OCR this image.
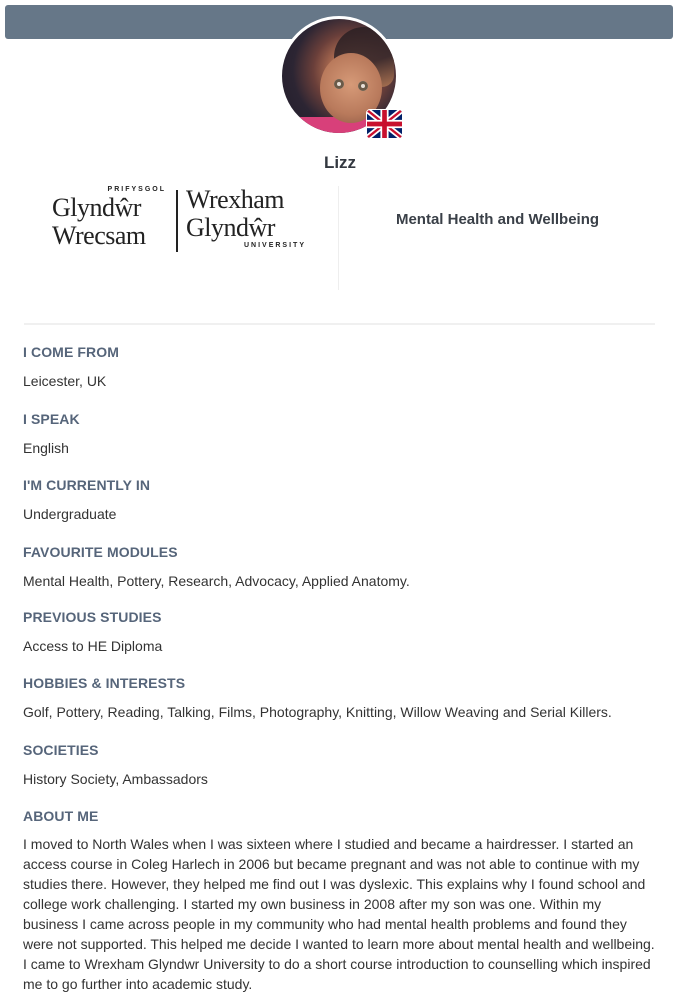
Lizz
PRIFYSGOL
Glyndŵr
Wrecsam
Wrexham
Glyndŵr
UNIVERSITY
Mental Health and Wellbeing
I COME FROM
Leicester, UK
I SPEAK
English
I'M CURRENTLY IN
Undergraduate
FAVOURITE MODULES
Mental Health, Pottery, Research, Advocacy, Applied Anatomy.
PREVIOUS STUDIES
Access to HE Diploma
HOBBIES & INTERESTS
Golf, Pottery, Reading, Talking, Films, Photography, Knitting, Willow Weaving and Serial Killers.
SOCIETIES
History Society, Ambassadors
ABOUT ME
I moved to North Wales when I was sixteen where I studied and became a hairdresser. I started an access course in Coleg Harlech in 2006 but became pregnant and was not able to continue with my studies there. However, they helped me find out I was dyslexic. This explains why I found school and college work challenging. I started my own business in 2008 after my son was one. Within my business I came across people in my community who had mental health problems and found they were not supported. This helped me decide I wanted to learn more about mental health and wellbeing. I came to Wrexham Glyndwr University to do a short course introduction to counselling which inspired me to go further into academic study.
